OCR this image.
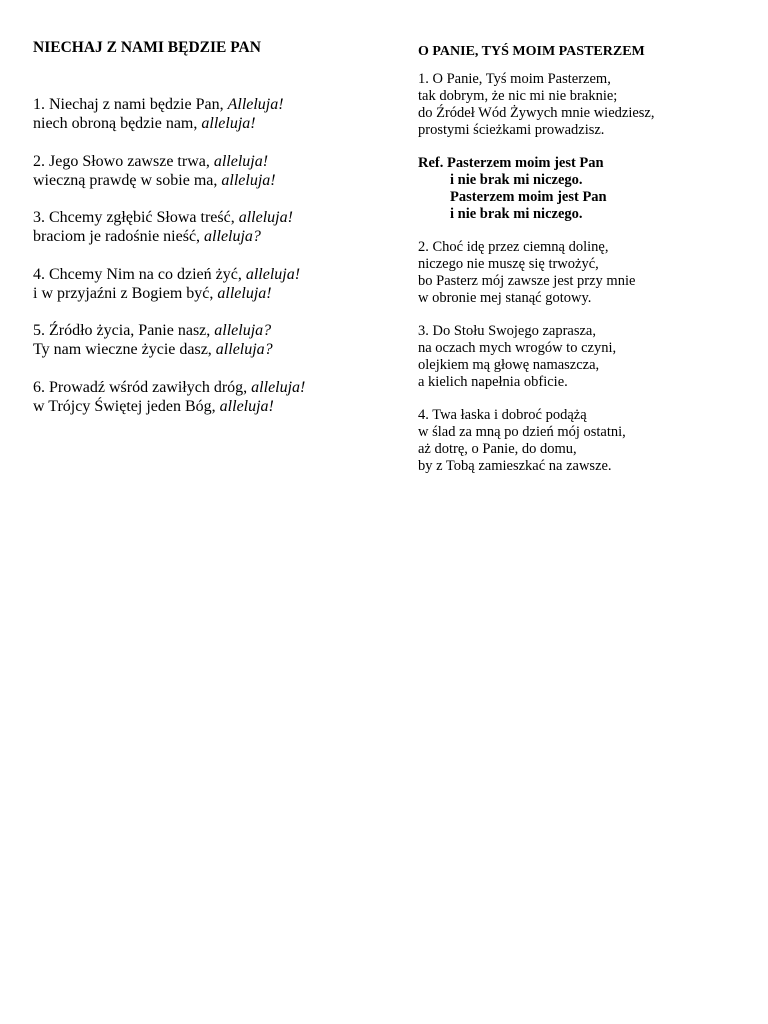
NIECHAJ Z NAMI BĘDZIE PAN

1. Niechaj z nami będzie Pan, Alleluja!
niech obroną będzie nam, alleluja!

2. Jego Słowo zawsze trwa, alleluja!
wieczną prawdę w sobie ma, alleluja!

3. Chcemy zgłębić Słowa treść, alleluja!
braciom je radośnie nieść, alleluja?

4. Chcemy Nim na co dzień żyć, alleluja!
i w przyjaźni z Bogiem być, alleluja!

5. Źródło życia, Panie nasz, alleluja?
Ty nam wieczne życie dasz, alleluja?

6. Prowadź wśród zawiłych dróg, alleluja!
w Trójcy Świętej jeden Bóg, alleluja!

O PANIE, TYŚ MOIM PASTERZEM

1. O Panie, Tyś moim Pasterzem,
tak dobrym, że nic mi nie braknie;
do Źródeł Wód Żywych mnie wiedziesz,
prostymi ścieżkami prowadzisz.

Ref. Pasterzem moim jest Pan
i nie brak mi niczego.
Pasterzem moim jest Pan
i nie brak mi niczego.

2. Choć idę przez ciemną dolinę,
niczego nie muszę się trwożyć,
bo Pasterz mój zawsze jest przy mnie
w obronie mej stanąć gotowy.

3. Do Stołu Swojego zaprasza,
na oczach mych wrogów to czyni,
olejkiem mą głowę namaszcza,
a kielich napełnia obficie.

4. Twa łaska i dobroć podążą
w ślad za mną po dzień mój ostatni,
aż dotrę, o Panie, do domu,
by z Tobą zamieszkać na zawsze.
